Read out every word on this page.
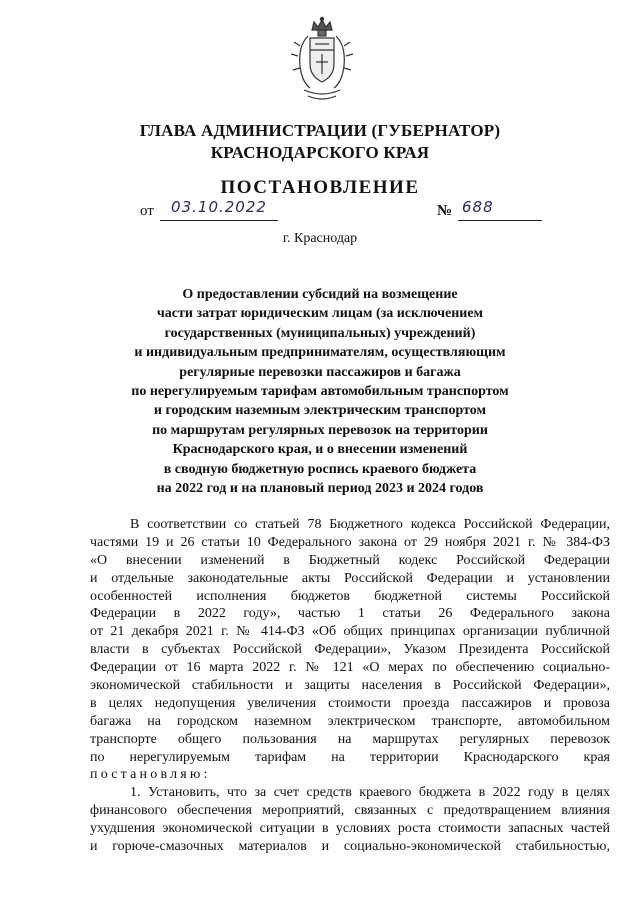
ГЛАВА АДМИНИСТРАЦИИ (ГУБЕРНАТОР)
КРАСНОДАРСКОГО КРАЯ
ПОСТАНОВЛЕНИЕ
от	03.10.2022	№ 688
г. Краснодар
О предоставлении субсидий на возмещение
части затрат юридическим лицам (за исключением
государственных (муниципальных) учреждений)
и индивидуальным предпринимателям, осуществляющим
регулярные перевозки пассажиров и багажа
по нерегулируемым тарифам автомобильным транспортом
и городским наземным электрическим транспортом
по маршрутам регулярных перевозок на территории
Краснодарского края, и о внесении изменений
в сводную бюджетную роспись краевого бюджета
на 2022 год и на плановый период 2023 и 2024 годов
В соответствии со статьей 78 Бюджетного кодекса Российской Федерации,
частями 19 и 26 статьи 10 Федерального закона от 29 ноября 2021 г. № 384-ФЗ
«О внесении изменений в Бюджетный кодекс Российской Федерации
и отдельные законодательные акты Российской Федерации и установлении
особенностей исполнения бюджетов бюджетной системы Российской
Федерации в 2022 году», частью 1 статьи 26 Федерального закона
от 21 декабря 2021 г. № 414-ФЗ «Об общих принципах организации публичной
власти в субъектах Российской Федерации», Указом Президента Российской
Федерации от 16 марта 2022 г. № 121 «О мерах по обеспечению социально-
экономической стабильности и защиты населения в Российской Федерации»,
в целях недопущения увеличения стоимости проезда пассажиров и провоза
багажа на городском наземном электрическом транспорте, автомобильном
транспорте общего пользования на маршрутах регулярных перевозок
по нерегулируемым тарифам на территории Краснодарского края
постановляю:
1. Установить, что за счет средств краевого бюджета в 2022 году в целях
финансового обеспечения мероприятий, связанных с предотвращением влияния
ухудшения экономической ситуации в условиях роста стоимости запасных частей
и горюче-смазочных материалов и социально-экономической стабильностью,
